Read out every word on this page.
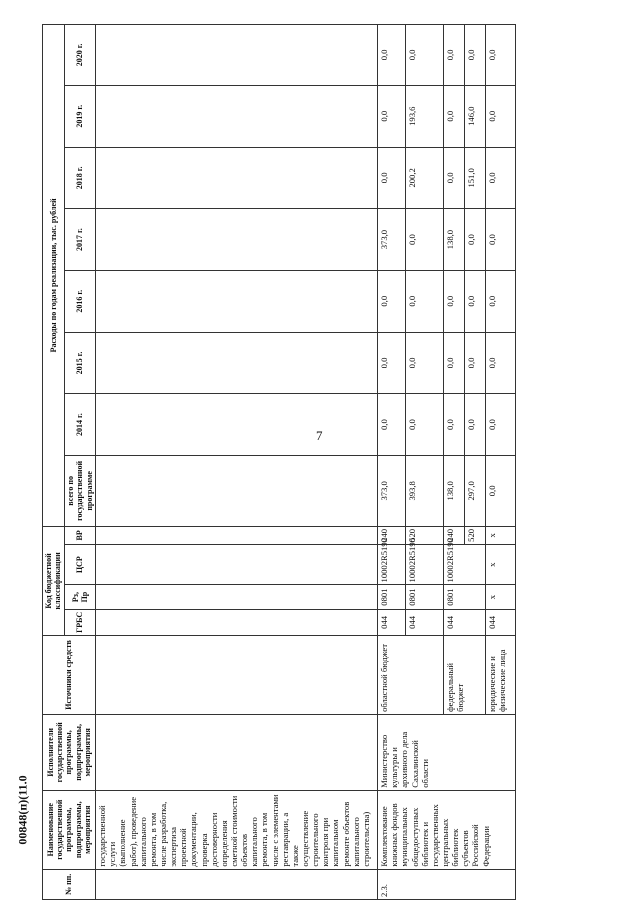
7
00848(п)(11.0
№ пп.	Наименование государственной программы, подпрограммы, мероприятия	Исполнители государственной программы, подпрограммы, мероприятия	Источники средств	Код бюджетной классификации				Расходы по годам реализации, тыс. рублей							
				ГРБС	Рз, Пр	ЦСР	ВР	всего по государственной программе	2014 г.	2015 г.	2016 г.	2017 г.	2018 г.	2019 г.	2020 г.
	государственной услуги (выполнение работ), проведение капитального ремонта, в том числе разработка, экспертиза проектной документации, проверка достоверности определения сметной стоимости объектов капитального ремонта, в том числе с элементами реставрации, а также осуществление строительного контроля при капитальном ремонте объектов капитального строительства)														
2.3.	Комплектование книжных фондов муниципальных общедоступных библиотек и государственных центральных библиотек субъектов Российской Федерации	Министерство культуры и архивного дела Сахалинской области	областной бюджет	044	0801	10002R5190	240	373,0	0,0	0,0	0,0	373,0	0,0	0,0	0,0
				044	0801	10002R5190	520	393,8	0,0	0,0	0,0	0,0	200,2	193,6	0,0
			федеральный бюджет	044	0801	10002R5190	240	138,0	0,0	0,0	0,0	138,0	0,0	0,0	0,0
							520	297,0	0,0	0,0	0,0	0,0	151,0	146,0	0,0
			юридические и физические лица	044	x	x	x	0,0	0,0	0,0	0,0	0,0	0,0	0,0	0,0
